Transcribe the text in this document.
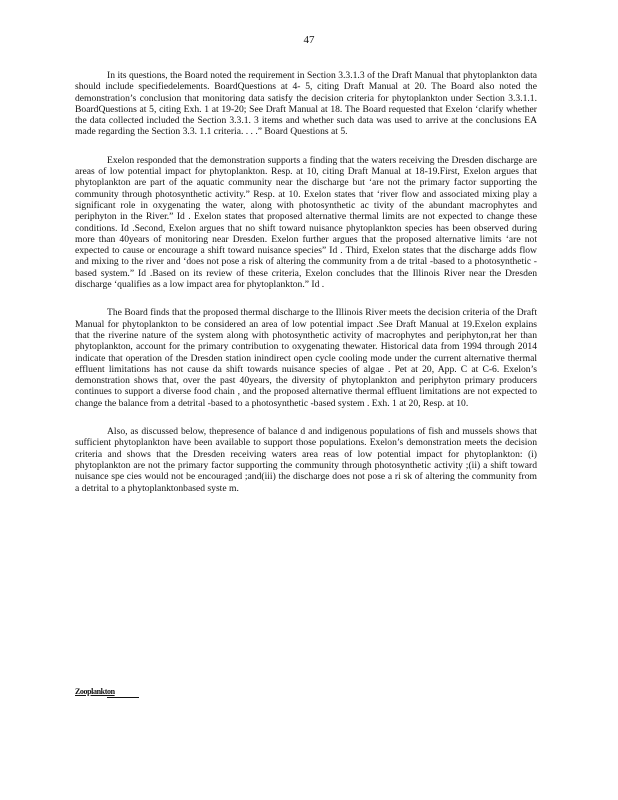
47

In its questions, the Board noted the requirement in Section 3.3.1.3 of the Draft Manual that phytoplankton data should include specifiedelements. BoardQuestions at 4- 5, citing Draft Manual at 20. The Board also noted the demonstration’s conclusion that monitoring data satisfy the decision criteria for phytoplankton under Section 3.3.1.1. BoardQuestions at 5, citing Exh. 1 at 19-20; See Draft Manual at 18. The Board requested that Exelon ‘clarify whether the data collected included the Section 3.3.1. 3 items and whether such data was used to arrive at the conclusions EA made regarding the Section 3.3. 1.1 criteria. . . .” Board Questions at 5.

Exelon responded that the demonstration supports a finding that the waters receiving the Dresden discharge are areas of low potential impact for phytoplankton. Resp. at 10, citing Draft Manual at 18-19.First, Exelon argues that phytoplankton are part of the aquatic community near the discharge but ‘are not the primary factor supporting the community through photosynthetic activity.” Resp. at 10. Exelon states that ‘river flow and associated mixing play a significant role in oxygenating the water, along with photosynthetic ac tivity of the abundant macrophytes and periphyton in the River.” Id . Exelon states that proposed alternative thermal limits are not expected to change these conditions. Id .Second, Exelon argues that no shift toward nuisance phytoplankton species has been observed during more than 40years of monitoring near Dresden. Exelon further argues that the proposed alternative limits ‘are not expected to cause or encourage a shift toward nuisance species” Id . Third, Exelon states that the discharge adds flow and mixing to the river and ‘does not pose a risk of altering the community from a de trital -based to a photosynthetic -based system.” Id .Based on its review of these criteria, Exelon concludes that the Illinois River near the Dresden discharge ‘qualifies as a low impact area for phytoplankton.” Id .

The Board finds that the proposed thermal discharge to the Illinois River meets the decision criteria of the Draft Manual for phytoplankton to be considered an area of low potential impact .See Draft Manual at 19.Exelon explains that the riverine nature of the system along with photosynthetic activity of macrophytes and periphyton,rat her than phytoplankton, account for the primary contribution to oxygenating thewater. Historical data from 1994 through 2014 indicate that operation of the Dresden station inindirect open cycle cooling mode under the current alternative thermal effluent limitations has not cause da shift towards nuisance species of algae . Pet at 20, App. C at C-6. Exelon’s demonstration shows that, over the past 40years, the diversity of phytoplankton and periphyton primary producers continues to support a diverse food chain , and the proposed alternative thermal effluent limitations are not expected to change the balance from a detrital -based to a photosynthetic -based system . Exh. 1 at 20, Resp. at 10.

Also, as discussed below, thepresence of balance d and indigenous populations of fish and mussels shows that sufficient phytoplankton have been available to support those populations. Exelon’s demonstration meets the decision criteria and shows that the Dresden receiving waters area reas of low potential impact for phytoplankton: (i) phytoplankton are not the primary factor supporting the community through photosynthetic activity ;(ii) a shift toward nuisance spe cies would not be encouraged ;and(iii) the discharge does not pose a ri sk of altering the community from a detrital to a phytoplanktonbased syste m.

Zooplankton
